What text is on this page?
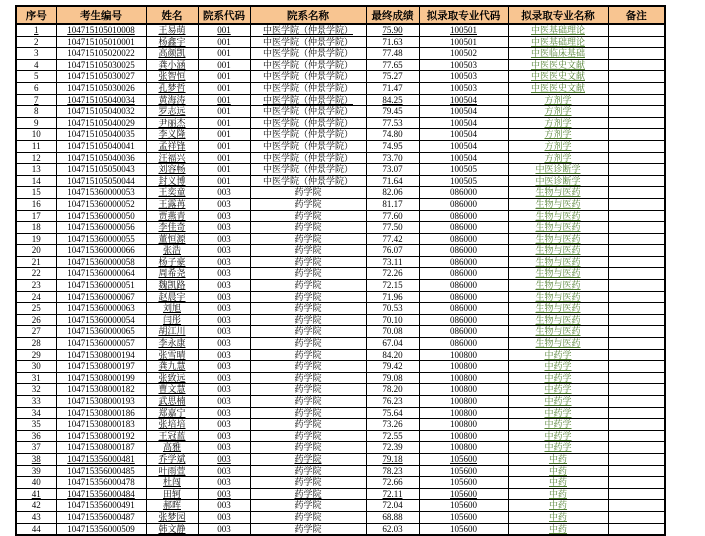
序号	考生编号	姓名	院系代码	院系名称	最终成绩	拟录取专业代码	拟录取专业名称	备注
1	104715105010008	王易萌	001	中医学院（仲景学院）	75.90	100501	中医基础理论	
2	104715105010001	杨鑫宇	001	中医学院（仲景学院）	71.63	100501	中医基础理论	
3	104715105020022	高颜凯	001	中医学院（仲景学院）	77.48	100502	中医临床基础	
4	104715105030025	龚小涵	001	中医学院（仲景学院）	77.65	100503	中医医史文献	
5	104715105030027	张智恒	001	中医学院（仲景学院）	75.27	100503	中医医史文献	
6	104715105030026	孔梦哲	001	中医学院（仲景学院）	71.47	100503	中医医史文献	
7	104715105040034	黄海涛	001	中医学院（仲景学院）	84.25	100504	方剂学	
8	104715105040032	罗志远	001	中医学院（仲景学院）	79.45	100504	方剂学	
9	104715105040029	尹丽杰	001	中医学院（仲景学院）	77.53	100504	方剂学	
10	104715105040035	李义隆	001	中医学院（仲景学院）	74.80	100504	方剂学	
11	104715105040041	孟祥锋	001	中医学院（仲景学院）	74.95	100504	方剂学	
12	104715105040036	汪福兴	001	中医学院（仲景学院）	73.70	100504	方剂学	
13	104715105050043	刘容畅	001	中医学院（仲景学院）	73.07	100505	中医诊断学	
14	104715105050044	封义博	001	中医学院（仲景学院）	71.64	100505	中医诊断学	
15	104715360000053	王奕童	003	药学院	82.06	086000	生物与医药	
16	104715360000052	王露苒	003	药学院	81.17	086000	生物与医药	
17	104715360000050	贾燕青	003	药学院	77.60	086000	生物与医药	
18	104715360000056	李佳奇	003	药学院	77.50	086000	生物与医药	
19	104715360000055	董恒源	003	药学院	77.42	086000	生物与医药	
20	104715360000066	张浩	003	药学院	76.07	086000	生物与医药	
21	104715360000058	杨子豪	003	药学院	73.11	086000	生物与医药	
22	104715360000064	周希尧	003	药学院	72.26	086000	生物与医药	
23	104715360000051	魏凯路	003	药学院	72.15	086000	生物与医药	
24	104715360000067	赵晨宇	003	药学院	71.96	086000	生物与医药	
25	104715360000063	刘旭	003	药学院	70.53	086000	生物与医药	
26	104715360000054	闫彤	003	药学院	70.10	086000	生物与医药	
27	104715360000065	胡江川	003	药学院	70.08	086000	生物与医药	
28	104715360000057	李永康	003	药学院	67.04	086000	生物与医药	
29	104715308000194	张雪晴	003	药学院	84.20	100800	中药学	
30	104715308000197	龚九慧	003	药学院	79.42	100800	中药学	
31	104715308000199	张致远	003	药学院	79.08	100800	中药学	
32	104715308000182	曹文慧	003	药学院	78.20	100800	中药学	
33	104715308000193	武思楠	003	药学院	76.23	100800	中药学	
34	104715308000186	郑嘉宁	003	药学院	75.64	100800	中药学	
35	104715308000183	张培培	003	药学院	73.26	100800	中药学	
36	104715308000192	王冠蓝	003	药学院	72.55	100800	中药学	
37	104715308000187	高雅	003	药学院	72.39	100800	中药学	
38	104715356000481	乔学斌	003	药学院	79.18	105600	中药	
39	104715356000485	叶雨萱	003	药学院	78.23	105600	中药	
40	104715356000478	杜闯	003	药学院	72.66	105600	中药	
41	104715356000484	田轲	003	药学院	72.11	105600	中药	
42	104715356000491	郝晖	003	药学院	72.04	105600	中药	
43	104715356000487	张梦园	003	药学院	68.88	105600	中药	
44	104715356000509	韩文静	003	药学院	62.03	105600	中药	
